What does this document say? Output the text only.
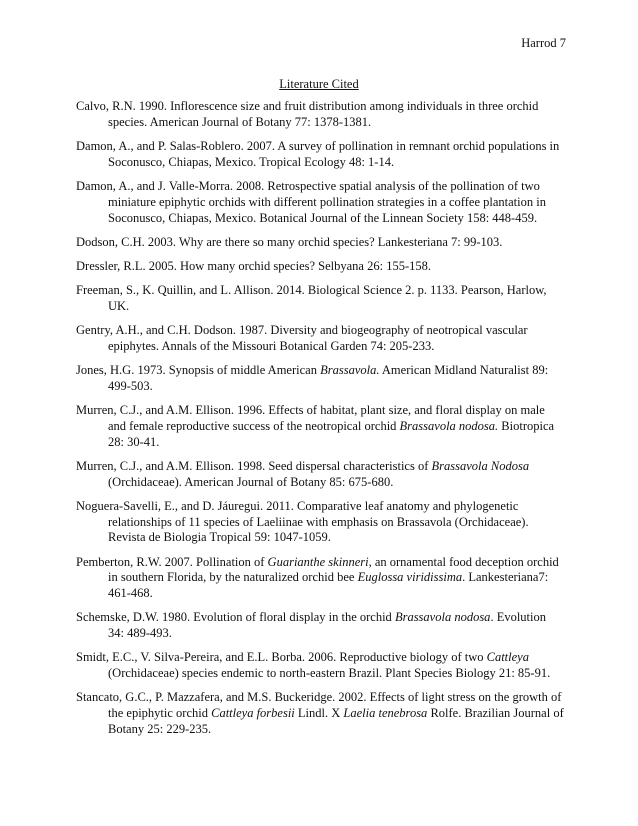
Harrod 7
Literature Cited

Calvo, R.N. 1990. Inflorescence size and fruit distribution among individuals in three orchid species. American Journal of Botany 77: 1378-1381.

Damon, A., and P. Salas-Roblero. 2007. A survey of pollination in remnant orchid populations in Soconusco, Chiapas, Mexico. Tropical Ecology 48: 1-14.

Damon, A., and J. Valle-Morra. 2008. Retrospective spatial analysis of the pollination of two miniature epiphytic orchids with different pollination strategies in a coffee plantation in Soconusco, Chiapas, Mexico. Botanical Journal of the Linnean Society 158: 448-459.

Dodson, C.H. 2003. Why are there so many orchid species? Lankesteriana 7: 99-103.

Dressler, R.L. 2005. How many orchid species? Selbyana 26: 155-158.

Freeman, S., K. Quillin, and L. Allison. 2014. Biological Science 2. p. 1133. Pearson, Harlow, UK.

Gentry, A.H., and C.H. Dodson. 1987. Diversity and biogeography of neotropical vascular epiphytes. Annals of the Missouri Botanical Garden 74: 205-233.

Jones, H.G. 1973. Synopsis of middle American Brassavola. American Midland Naturalist 89: 499-503.

Murren, C.J., and A.M. Ellison. 1996. Effects of habitat, plant size, and floral display on male and female reproductive success of the neotropical orchid Brassavola nodosa. Biotropica 28: 30-41.

Murren, C.J., and A.M. Ellison. 1998. Seed dispersal characteristics of Brassavola Nodosa (Orchidaceae). American Journal of Botany 85: 675-680.

Noguera-Savelli, E., and D. Jáuregui. 2011. Comparative leaf anatomy and phylogenetic relationships of 11 species of Laeliinae with emphasis on Brassavola (Orchidaceae). Revista de Biologia Tropical 59: 1047-1059.

Pemberton, R.W. 2007. Pollination of Guarianthe skinneri, an ornamental food deception orchid in southern Florida, by the naturalized orchid bee Euglossa viridissima. Lankesteriana7: 461-468.

Schemske, D.W. 1980. Evolution of floral display in the orchid Brassavola nodosa. Evolution 34: 489-493.

Smidt, E.C., V. Silva-Pereira, and E.L. Borba. 2006. Reproductive biology of two Cattleya (Orchidaceae) species endemic to north-eastern Brazil. Plant Species Biology 21: 85-91.

Stancato, G.C., P. Mazzafera, and M.S. Buckeridge. 2002. Effects of light stress on the growth of the epiphytic orchid Cattleya forbesii Lindl. X Laelia tenebrosa Rolfe. Brazilian Journal of Botany 25: 229-235.
